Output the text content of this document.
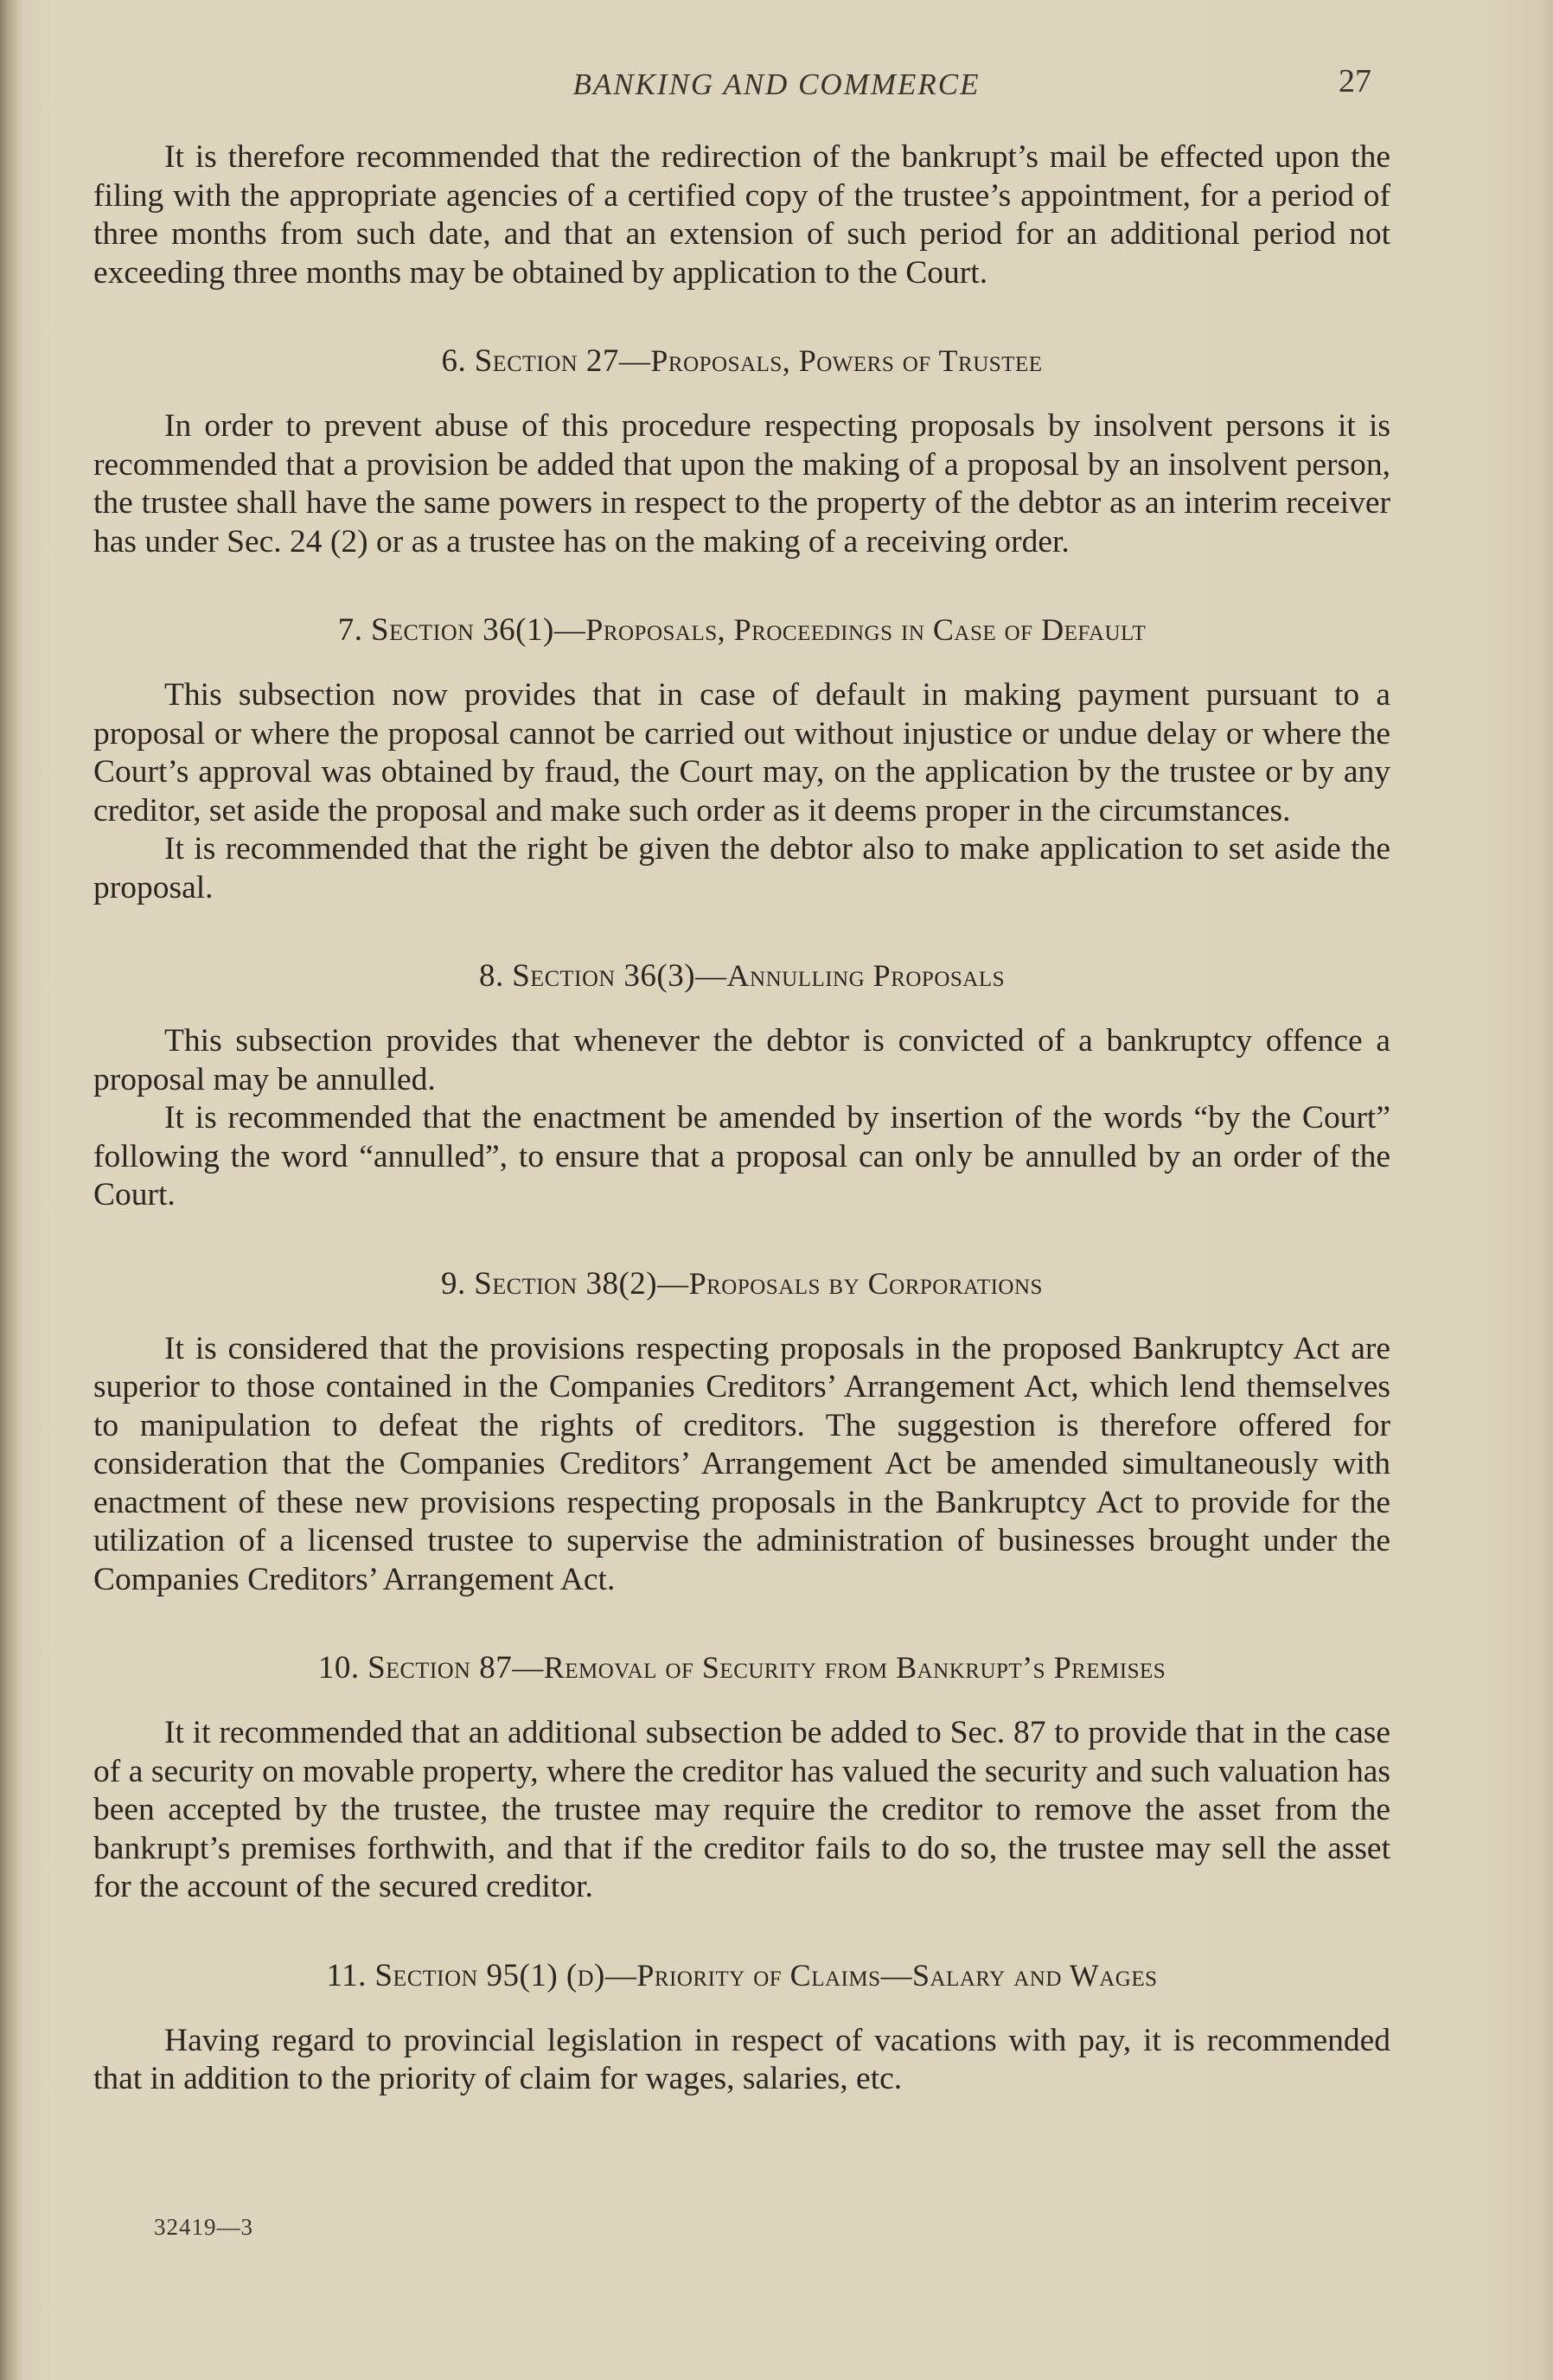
BANKING AND COMMERCE	27

It is therefore recommended that the redirection of the bankrupt’s mail be effected upon the filing with the appropriate agencies of a certified copy of the trustee’s appointment, for a period of three months from such date, and that an extension of such period for an additional period not exceeding three months may be obtained by application to the Court.

6. Section 27—Proposals, Powers of Trustee

In order to prevent abuse of this procedure respecting proposals by insolvent persons it is recommended that a provision be added that upon the making of a proposal by an insolvent person, the trustee shall have the same powers in respect to the property of the debtor as an interim receiver has under Sec. 24 (2) or as a trustee has on the making of a receiving order.

7. Section 36(1)—Proposals, Proceedings in Case of Default

This subsection now provides that in case of default in making payment pursuant to a proposal or where the proposal cannot be carried out without injustice or undue delay or where the Court’s approval was obtained by fraud, the Court may, on the application by the trustee or by any creditor, set aside the proposal and make such order as it deems proper in the circumstances.

It is recommended that the right be given the debtor also to make application to set aside the proposal.

8. Section 36(3)—Annulling Proposals

This subsection provides that whenever the debtor is convicted of a bankruptcy offence a proposal may be annulled.

It is recommended that the enactment be amended by insertion of the words “by the Court” following the word “annulled”, to ensure that a proposal can only be annulled by an order of the Court.

9. Section 38(2)—Proposals by Corporations

It is considered that the provisions respecting proposals in the proposed Bankruptcy Act are superior to those contained in the Companies Creditors’ Arrangement Act, which lend themselves to manipulation to defeat the rights of creditors. The suggestion is therefore offered for consideration that the Companies Creditors’ Arrangement Act be amended simultaneously with enactment of these new provisions respecting proposals in the Bankruptcy Act to provide for the utilization of a licensed trustee to supervise the administration of businesses brought under the Companies Creditors’ Arrangement Act.

10. Section 87—Removal of Security from Bankrupt’s Premises

It it recommended that an additional subsection be added to Sec. 87 to provide that in the case of a security on movable property, where the creditor has valued the security and such valuation has been accepted by the trustee, the trustee may require the creditor to remove the asset from the bankrupt’s premises forthwith, and that if the creditor fails to do so, the trustee may sell the asset for the account of the secured creditor.

11. Section 95(1) (d)—Priority of Claims—Salary and Wages

Having regard to provincial legislation in respect of vacations with pay, it is recommended that in addition to the priority of claim for wages, salaries, etc.

32419—3
